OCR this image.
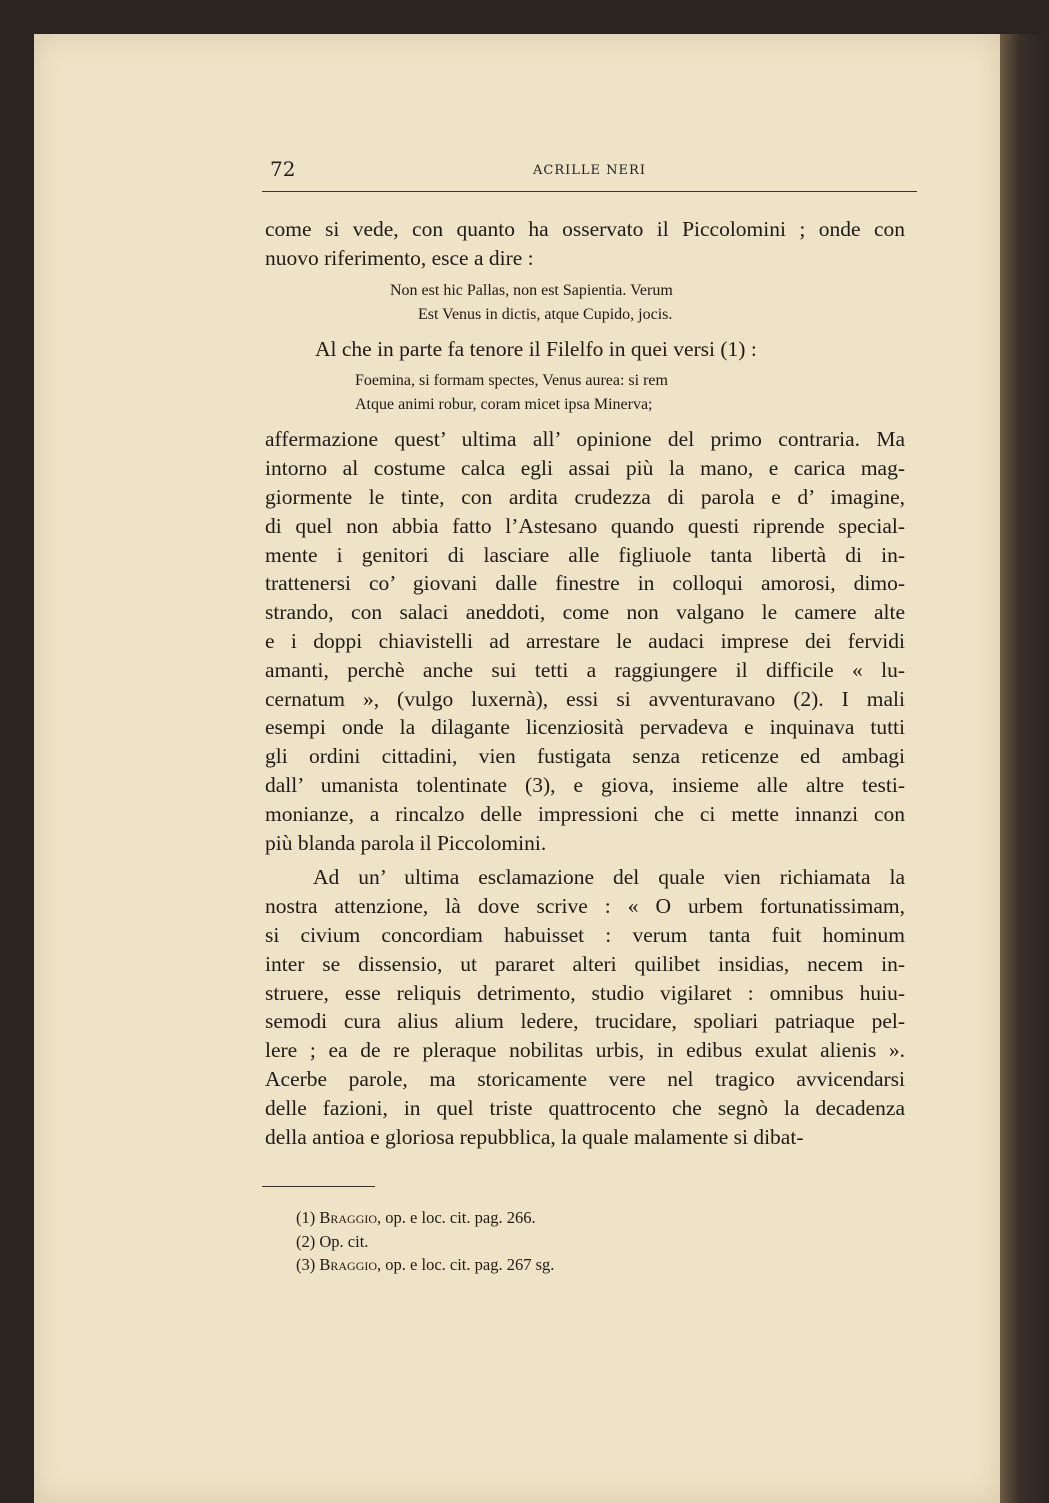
72	ACRILLE NERI
come si vede, con quanto ha osservato il Piccolomini ; onde con
nuovo riferimento, esce a dire :
Non est hic Pallas, non est Sapientia. Verum
Est Venus in dictis, atque Cupido, jocis.
Al che in parte fa tenore il Filelfo in quei versi (1) :
Foemina, si formam spectes, Venus aurea: si rem
Atque animi robur, coram micet ipsa Minerva;
affermazione quest’ ultima all’ opinione del primo contraria. Ma
intorno al costume calca egli assai più la mano, e carica mag-
giormente le tinte, con ardita crudezza di parola e d’ imagine,
di quel non abbia fatto l’Astesano quando questi riprende special-
mente i genitori di lasciare alle figliuole tanta libertà di in-
trattenersi co’ giovani dalle finestre in colloqui amorosi, dimo-
strando, con salaci aneddoti, come non valgano le camere alte
e i doppi chiavistelli ad arrestare le audaci imprese dei fervidi
amanti, perchè anche sui tetti a raggiungere il difficile « lu-
cernatum », (vulgo luxernà), essi si avventuravano (2). I mali
esempi onde la dilagante licenziosità pervadeva e inquinava tutti
gli ordini cittadini, vien fustigata senza reticenze ed ambagi
dall’ umanista tolentinate (3), e giova, insieme alle altre testi-
monianze, a rincalzo delle impressioni che ci mette innanzi con
più blanda parola il Piccolomini.
Ad un’ ultima esclamazione del quale vien richiamata la
nostra attenzione, là dove scrive : « O urbem fortunatissimam,
si civium concordiam habuisset : verum tanta fuit hominum
inter se dissensio, ut pararet alteri quilibet insidias, necem in-
struere, esse reliquis detrimento, studio vigilaret : omnibus huiu-
semodi cura alius alium ledere, trucidare, spoliari patriaque pel-
lere ; ea de re pleraque nobilitas urbis, in edibus exulat alienis ».
Acerbe parole, ma storicamente vere nel tragico avvicendarsi
delle fazioni, in quel triste quattrocento che segnò la decadenza
della antioa e gloriosa repubblica, la quale malamente si dibat-
(1) Braggio, op. e loc. cit. pag. 266.
(2) Op. cit.
(3) Braggio, op. e loc. cit. pag. 267 sg.
